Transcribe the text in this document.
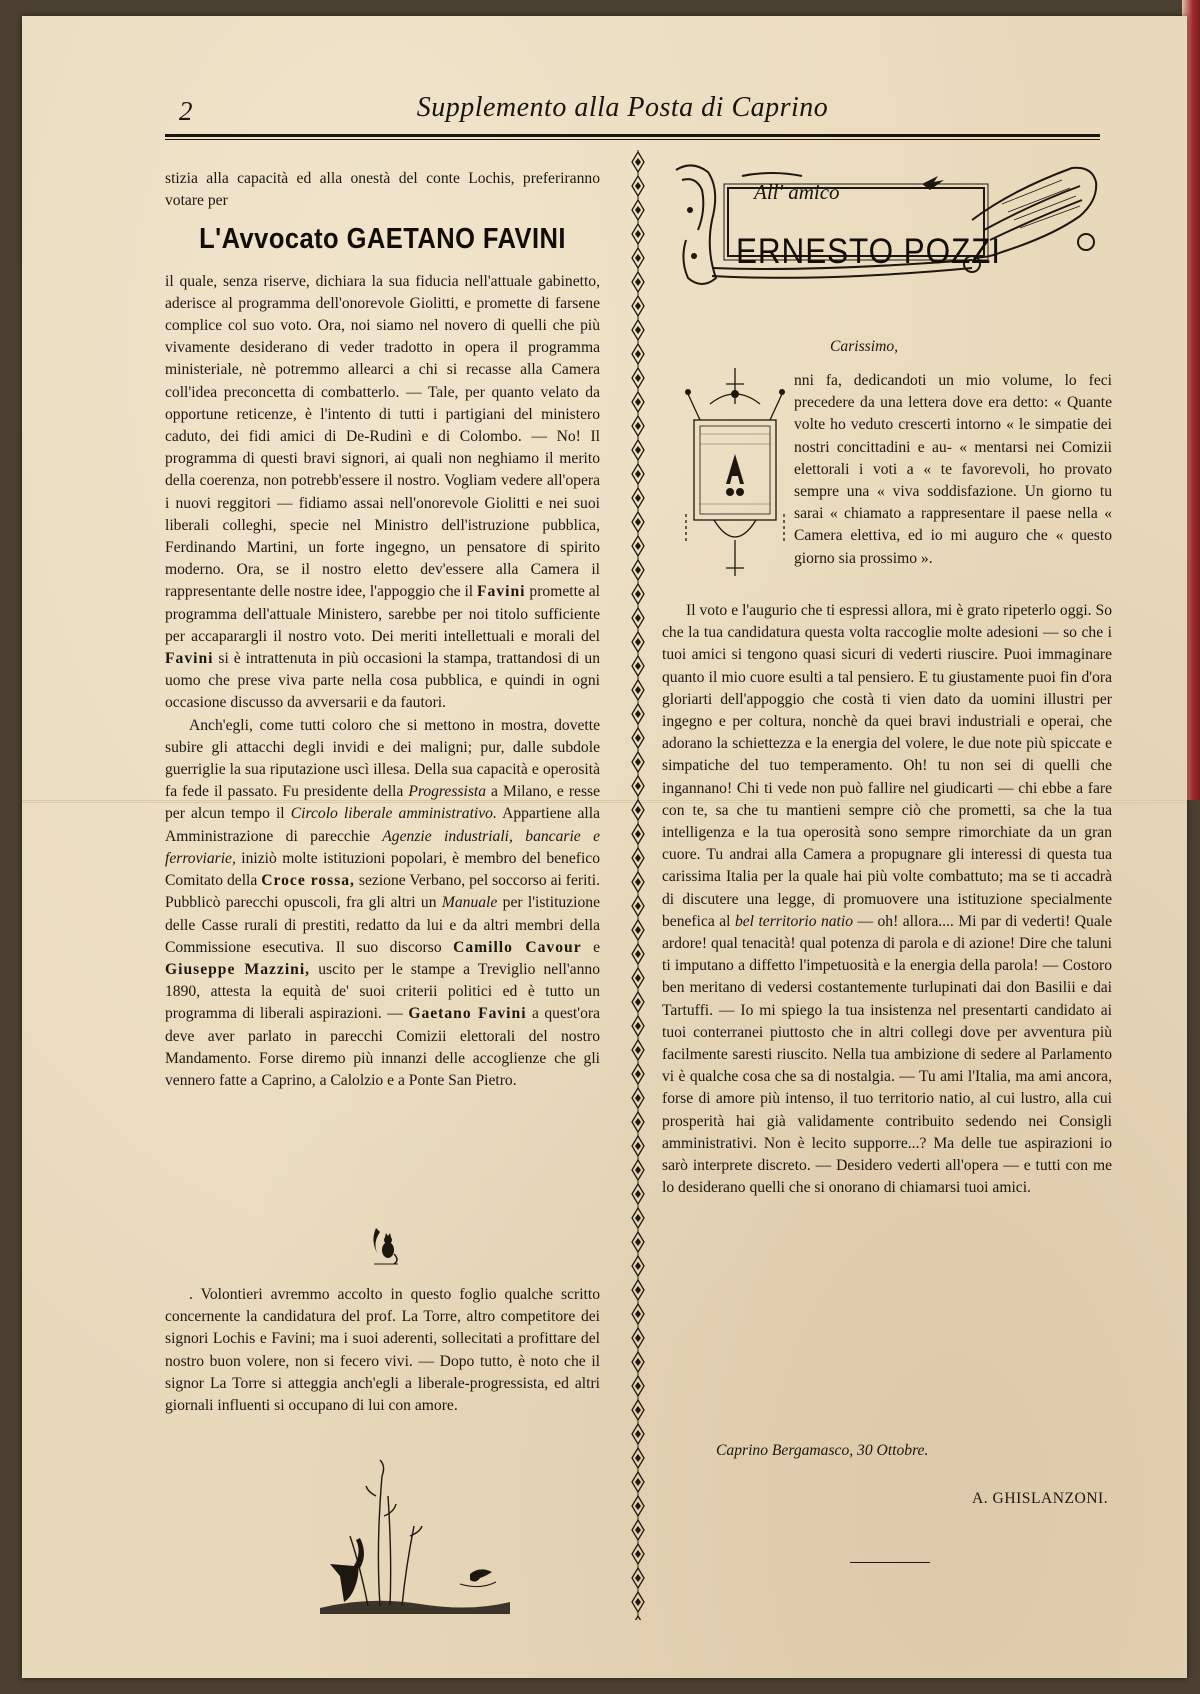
2	Supplemento alla Posta di Caprino

stizia alla capacità ed alla onestà del conte Lochis, preferiranno votare per

L'Avvocato GAETANO FAVINI

il quale, senza riserve, dichiara la sua fiducia nell'attuale gabinetto, aderisce al programma dell'onorevole Giolitti, e promette di farsene complice col suo voto. Ora, noi siamo nel novero di quelli che più vivamente desiderano di veder tradotto in opera il programma ministeriale, nè potremmo allearci a chi si recasse alla Camera coll'idea preconcetta di combatterlo. — Tale, per quanto velato da opportune reticenze, è l'intento di tutti i partigiani del ministero caduto, dei fidi amici di De-Rudinì e di Colombo. — No! Il programma di questi bravi signori, ai quali non neghiamo il merito della coerenza, non potrebb'essere il nostro. Vogliam vedere all'opera i nuovi reggitori — fidiamo assai nell'onorevole Giolitti e nei suoi liberali colleghi, specie nel Ministro dell'istruzione pubblica, Ferdinando Martini, un forte ingegno, un pensatore di spirito moderno. Ora, se il nostro eletto dev'essere alla Camera il rappresentante delle nostre idee, l'appoggio che il Favini promette al programma dell'attuale Ministero, sarebbe per noi titolo sufficiente per accaparargli il nostro voto. Dei meriti intellettuali e morali del Favini si è intrattenuta in più occasioni la stampa, trattandosi di un uomo che prese viva parte nella cosa pubblica, e quindi in ogni occasione discusso da avversarii e da fautori.

Anch'egli, come tutti coloro che si mettono in mostra, dovette subire gli attacchi degli invidi e dei maligni; pur, dalle subdole guerriglie la sua riputazione uscì illesa. Della sua capacità e operosità fa fede il passato. Fu presidente della Progressista a Milano, e resse per alcun tempo il Circolo liberale amministrativo. Appartiene alla Amministrazione di parecchie Agenzie industriali, bancarie e ferroviarie, iniziò molte istituzioni popolari, è membro del benefico Comitato della Croce rossa, sezione Verbano, pel soccorso ai feriti. Pubblicò parecchi opuscoli, fra gli altri un Manuale per l'istituzione delle Casse rurali di prestiti, redatto da lui e da altri membri della Commissione esecutiva. Il suo discorso Camillo Cavour e Giuseppe Mazzini, uscito per le stampe a Treviglio nell'anno 1890, attesta la equità de' suoi criterii politici ed è tutto un programma di liberali aspirazioni. — Gaetano Favini a quest'ora deve aver parlato in parecchi Comizii elettorali del nostro Mandamento. Forse diremo più innanzi delle accoglienze che gli vennero fatte a Caprino, a Calolzio e a Ponte San Pietro.

. Volontieri avremmo accolto in questo foglio qualche scritto concernente la candidatura del prof. La Torre, altro competitore dei signori Lochis e Favini; ma i suoi aderenti, sollecitati a profittare del nostro buon volere, non si fecero vivi. — Dopo tutto, è noto che il signor La Torre si atteggia anch'egli a liberale-progressista, ed altri giornali influenti si occupano di lui con amore.

All' amico
ERNESTO POZZI
Carissimo,

nni fa, dedicandoti un mio volume, lo feci precedere da una lettera dove era detto: « Quante volte ho veduto crescerti intorno « le simpatie dei nostri concittadini e au- « mentarsi nei Comizii elettorali i voti a « te favorevoli, ho provato sempre una « viva soddisfazione. Un giorno tu sarai « chiamato a rappresentare il paese nella « Camera elettiva, ed io mi auguro che « questo giorno sia prossimo ».

Il voto e l'augurio che ti espressi allora, mi è grato ripeterlo oggi. So che la tua candidatura questa volta raccoglie molte adesioni — so che i tuoi amici si tengono quasi sicuri di vederti riuscire. Puoi immaginare quanto il mio cuore esulti a tal pensiero. E tu giustamente puoi fin d'ora gloriarti dell'appoggio che costà ti vien dato da uomini illustri per ingegno e per coltura, nonchè da quei bravi industriali e operai, che adorano la schiettezza e la energia del volere, le due note più spiccate e simpatiche del tuo temperamento. Oh! tu non sei di quelli che ingannano! Chi ti vede non può fallire nel giudicarti — chi ebbe a fare con te, sa che tu mantieni sempre ciò che prometti, sa che la tua intelligenza e la tua operosità sono sempre rimorchiate da un gran cuore. Tu andrai alla Camera a propugnare gli interessi di questa tua carissima Italia per la quale hai più volte combattuto; ma se ti accadrà di discutere una legge, di promuovere una istituzione specialmente benefica al bel territorio natio — oh! allora.... Mi par di vederti! Quale ardore! qual tenacità! qual potenza di parola e di azione! Dire che taluni ti imputano a diffetto l'impetuosità e la energia della parola! — Costoro ben meritano di vedersi costantemente turlupinati dai don Basilii e dai Tartuffi. — Io mi spiego la tua insistenza nel presentarti candidato ai tuoi conterranei piuttosto che in altri collegi dove per avventura più facilmente saresti riuscito. Nella tua ambizione di sedere al Parlamento vi è qualche cosa che sa di nostalgia. — Tu ami l'Italia, ma ami ancora, forse di amore più intenso, il tuo territorio natio, al cui lustro, alla cui prosperità hai già validamente contribuito sedendo nei Consigli amministrativi. Non è lecito supporre...? Ma delle tue aspirazioni io sarò interprete discreto. — Desidero vederti all'opera — e tutti con me lo desiderano quelli che si onorano di chiamarsi tuoi amici.

Caprino Bergamasco, 30 Ottobre.
A. GHISLANZONI.
